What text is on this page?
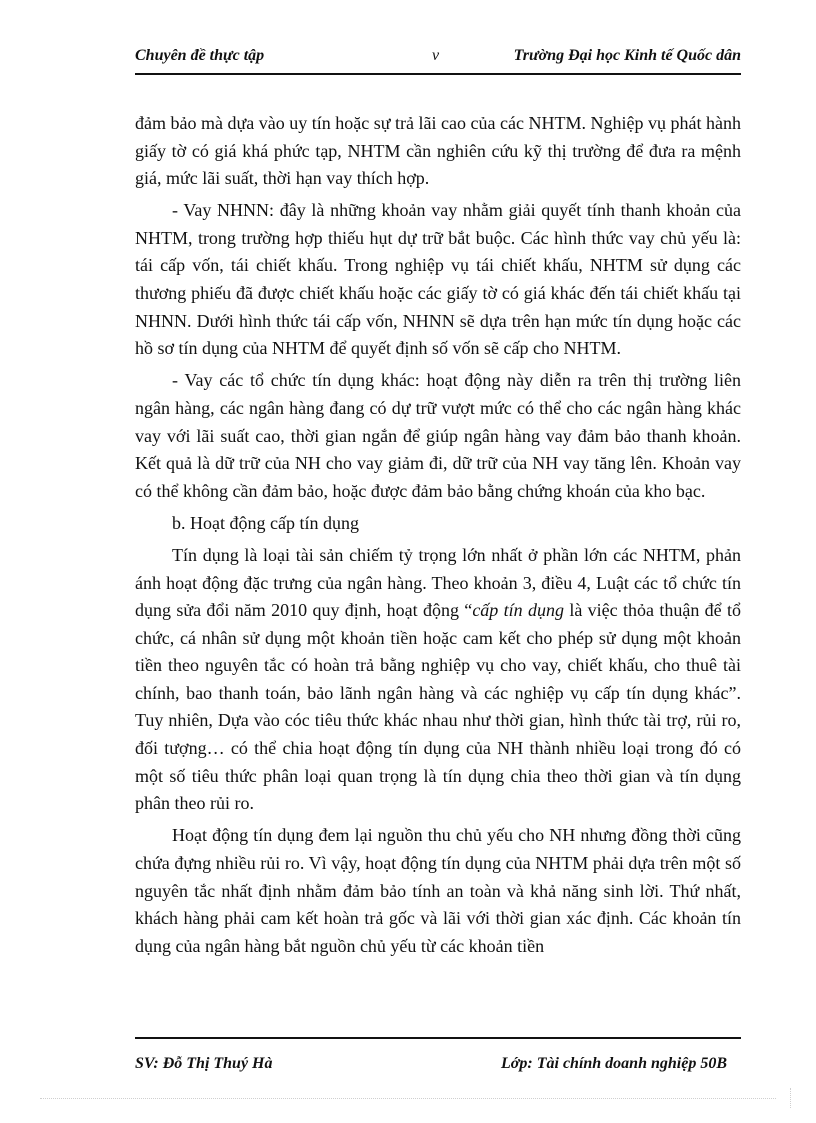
Chuyên đề thực tập	v	Trường Đại học Kinh tế Quốc dân

đảm bảo mà dựa vào uy tín hoặc sự trả lãi cao của các NHTM. Nghiệp vụ phát hành giấy tờ có giá khá phức tạp, NHTM cần nghiên cứu kỹ thị trường để đưa ra mệnh giá, mức lãi suất, thời hạn vay thích hợp.

- Vay NHNN: đây là những khoản vay nhằm giải quyết tính thanh khoản của NHTM, trong trường hợp thiếu hụt dự trữ bắt buộc. Các hình thức vay chủ yếu là: tái cấp vốn, tái chiết khấu. Trong nghiệp vụ tái chiết khấu, NHTM sử dụng các thương phiếu đã được chiết khấu hoặc các giấy tờ có giá khác đến tái chiết khấu tại NHNN. Dưới hình thức tái cấp vốn, NHNN sẽ dựa trên hạn mức tín dụng hoặc các hồ sơ tín dụng của NHTM để quyết định số vốn sẽ cấp cho NHTM.

- Vay các tổ chức tín dụng khác: hoạt động này diễn ra trên thị trường liên ngân hàng, các ngân hàng đang có dự trữ vượt mức có thể cho các ngân hàng khác vay với lãi suất cao, thời gian ngắn để giúp ngân hàng vay đảm bảo thanh khoản. Kết quả là dữ trữ của NH cho vay giảm đi, dữ trữ của NH vay tăng lên. Khoản vay có thể không cần đảm bảo, hoặc được đảm bảo bằng chứng khoán của kho bạc.

b. Hoạt động cấp tín dụng

Tín dụng là loại tài sản chiếm tỷ trọng lớn nhất ở phần lớn các NHTM, phản ánh hoạt động đặc trưng của ngân hàng. Theo khoản 3, điều 4, Luật các tổ chức tín dụng sửa đổi năm 2010 quy định, hoạt động “cấp tín dụng là việc thỏa thuận để tổ chức, cá nhân sử dụng một khoản tiền hoặc cam kết cho phép sử dụng một khoản tiền theo nguyên tắc có hoàn trả bằng nghiệp vụ cho vay, chiết khấu, cho thuê tài chính, bao thanh toán, bảo lãnh ngân hàng và các nghiệp vụ cấp tín dụng khác”. Tuy nhiên, Dựa vào cóc tiêu thức khác nhau như thời gian, hình thức tài trợ, rủi ro, đối tượng… có thể chia hoạt động tín dụng của NH thành nhiều loại trong đó có một số tiêu thức phân loại quan trọng là tín dụng chia theo thời gian và tín dụng phân theo rủi ro.

Hoạt động tín dụng đem lại nguồn thu chủ yếu cho NH nhưng đồng thời cũng chứa đựng nhiều rủi ro. Vì vậy, hoạt động tín dụng của NHTM phải dựa trên một số nguyên tắc nhất định nhằm đảm bảo tính an toàn và khả năng sinh lời. Thứ nhất, khách hàng phải cam kết hoàn trả gốc và lãi với thời gian xác định. Các khoản tín dụng của ngân hàng bắt nguồn chủ yếu từ các khoản tiền

SV: Đỗ Thị Thuý Hà	Lớp: Tài chính doanh nghiệp 50B
